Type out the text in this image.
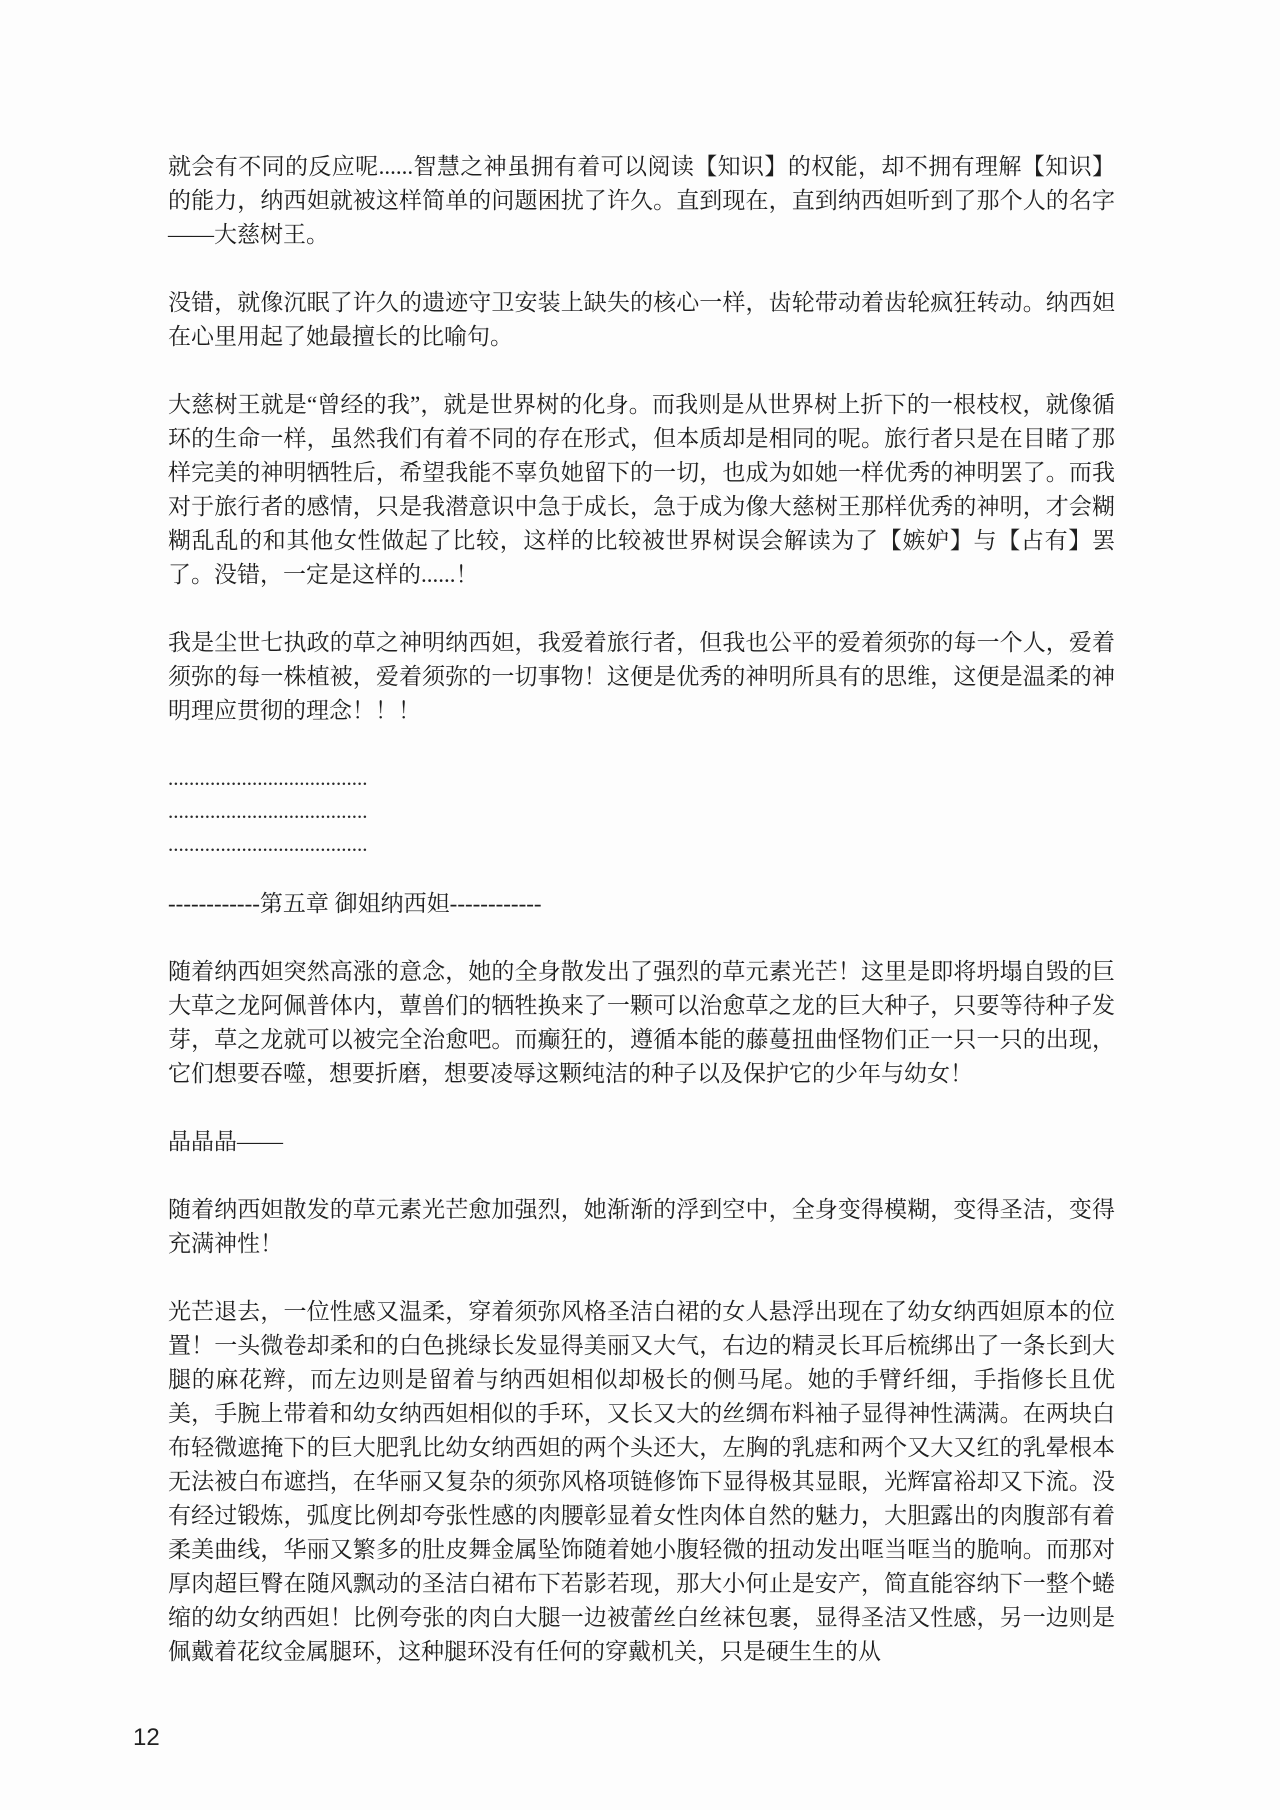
就会有不同的反应呢......智慧之神虽拥有着可以阅读【知识】的权能，却不拥有理解【知识】的能力，纳西妲就被这样简单的问题困扰了许久。直到现在，直到纳西妲听到了那个人的名字——大慈树王。

没错，就像沉眠了许久的遗迹守卫安装上缺失的核心一样，齿轮带动着齿轮疯狂转动。纳西妲在心里用起了她最擅长的比喻句。

大慈树王就是“曾经的我”，就是世界树的化身。而我则是从世界树上折下的一根枝杈，就像循环的生命一样，虽然我们有着不同的存在形式，但本质却是相同的呢。旅行者只是在目睹了那样完美的神明牺牲后，希望我能不辜负她留下的一切，也成为如她一样优秀的神明罢了。而我对于旅行者的感情，只是我潜意识中急于成长，急于成为像大慈树王那样优秀的神明，才会糊糊乱乱的和其他女性做起了比较，这样的比较被世界树误会解读为了【嫉妒】与【占有】罢了。没错，一定是这样的......！

我是尘世七执政的草之神明纳西妲，我爱着旅行者，但我也公平的爱着须弥的每一个人，爱着须弥的每一株植被，爱着须弥的一切事物！这便是优秀的神明所具有的思维，这便是温柔的神明理应贯彻的理念！！！

......................................

......................................

......................................

------------第五章 御姐纳西妲------------

随着纳西妲突然高涨的意念，她的全身散发出了强烈的草元素光芒！这里是即将坍塌自毁的巨大草之龙阿佩普体内，蕈兽们的牺牲换来了一颗可以治愈草之龙的巨大种子，只要等待种子发芽，草之龙就可以被完全治愈吧。而癫狂的，遵循本能的藤蔓扭曲怪物们正一只一只的出现，它们想要吞噬，想要折磨，想要凌辱这颗纯洁的种子以及保护它的少年与幼女！

晶晶晶——

随着纳西妲散发的草元素光芒愈加强烈，她渐渐的浮到空中，全身变得模糊，变得圣洁，变得充满神性！

光芒退去，一位性感又温柔，穿着须弥风格圣洁白裙的女人悬浮出现在了幼女纳西妲原本的位置！一头微卷却柔和的白色挑绿长发显得美丽又大气，右边的精灵长耳后梳绑出了一条长到大腿的麻花辫，而左边则是留着与纳西妲相似却极长的侧马尾。她的手臂纤细，手指修长且优美，手腕上带着和幼女纳西妲相似的手环，又长又大的丝绸布料袖子显得神性满满。在两块白布轻微遮掩下的巨大肥乳比幼女纳西妲的两个头还大，左胸的乳痣和两个又大又红的乳晕根本无法被白布遮挡，在华丽又复杂的须弥风格项链修饰下显得极其显眼，光辉富裕却又下流。没有经过锻炼，弧度比例却夸张性感的肉腰彰显着女性肉体自然的魅力，大胆露出的肉腹部有着柔美曲线，华丽又繁多的肚皮舞金属坠饰随着她小腹轻微的扭动发出哐当哐当的脆响。而那对厚肉超巨臀在随风飘动的圣洁白裙布下若影若现，那大小何止是安产，简直能容纳下一整个蜷缩的幼女纳西妲！比例夸张的肉白大腿一边被蕾丝白丝袜包裹，显得圣洁又性感，另一边则是佩戴着花纹金属腿环，这种腿环没有任何的穿戴机关，只是硬生生的从

12
